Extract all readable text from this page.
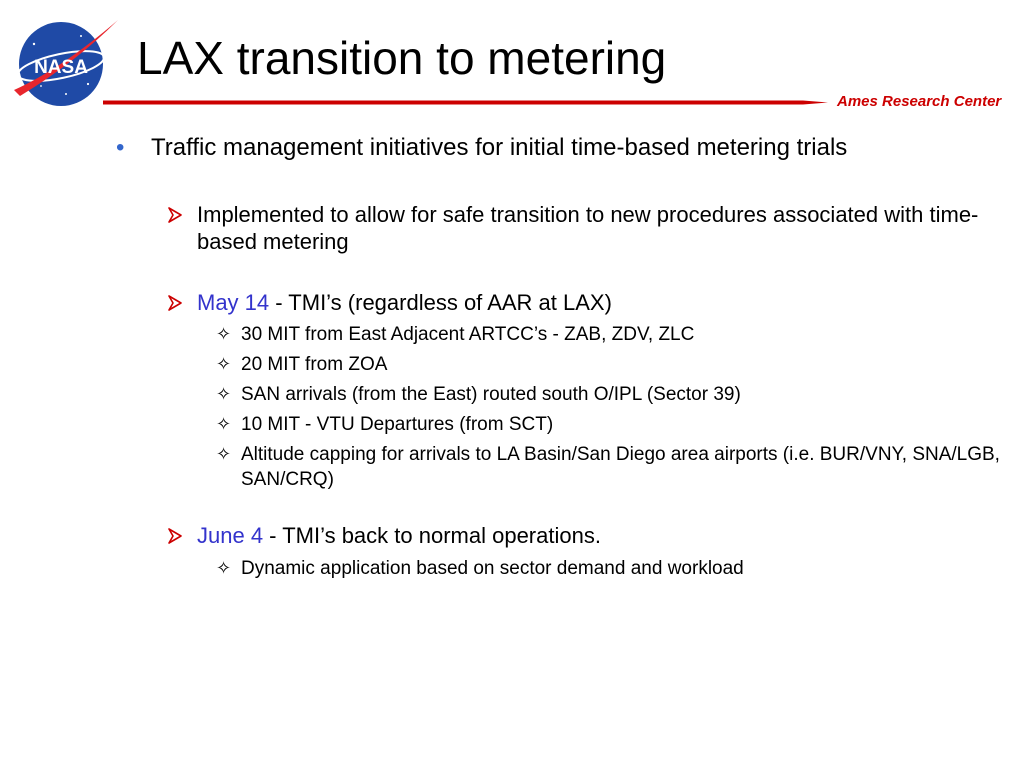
NASA LAX transition to metering
Ames Research Center
• Traffic management initiatives for initial time-based metering trials
Implemented to allow for safe transition to new procedures associated with time-based metering
May 14 - TMI’s (regardless of AAR at LAX)
✧ 30 MIT from East Adjacent ARTCC’s - ZAB, ZDV, ZLC
✧ 20 MIT from ZOA
✧ SAN arrivals (from the East) routed south O/IPL (Sector 39)
✧ 10 MIT - VTU Departures (from SCT)
✧ Altitude capping for arrivals to LA Basin/San Diego area airports (i.e. BUR/VNY, SNA/LGB, SAN/CRQ)
June 4 - TMI’s back to normal operations.
✧ Dynamic application based on sector demand and workload
